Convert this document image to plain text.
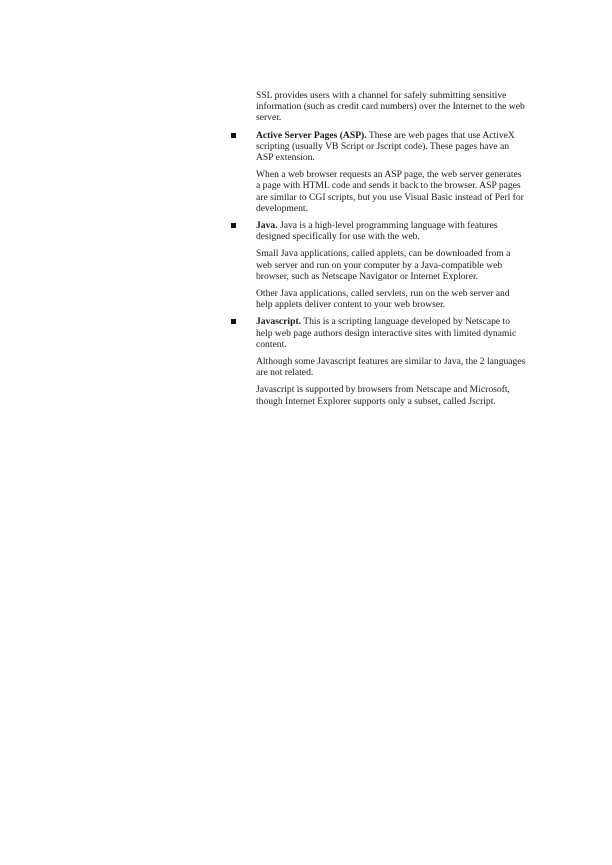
SSL provides users with a channel for safely submitting sensitive information (such as credit card numbers) over the Internet to the web server.

Active Server Pages (ASP). These are web pages that use ActiveX scripting (usually VB Script or Jscript code). These pages have an ASP extension.

When a web browser requests an ASP page, the web server generates a page with HTML code and sends it back to the browser. ASP pages are similar to CGI scripts, but you use Visual Basic instead of Perl for development.

Java. Java is a high-level programming language with features designed specifically for use with the web.

Small Java applications, called applets, can be downloaded from a web server and run on your computer by a Java-compatible web browser, such as Netscape Navigator or Internet Explorer.

Other Java applications, called servlets, run on the web server and help applets deliver content to your web browser.

Javascript. This is a scripting language developed by Netscape to help web page authors design interactive sites with limited dynamic content.

Although some Javascript features are similar to Java, the 2 languages are not related.

Javascript is supported by browsers from Netscape and Microsoft, though Internet Explorer supports only a subset, called Jscript.
